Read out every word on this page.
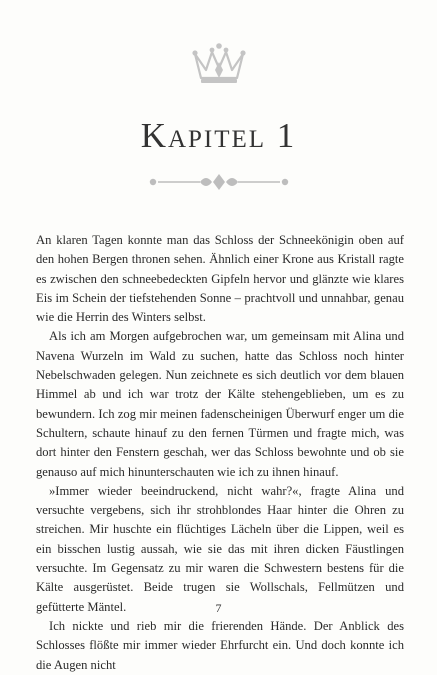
Kapitel 1

An klaren Tagen konnte man das Schloss der Schneekönigin oben auf den hohen Bergen thronen sehen. Ähnlich einer Krone aus Kristall ragte es zwischen den schneebedeckten Gipfeln hervor und glänzte wie klares Eis im Schein der tiefstehenden Sonne – prachtvoll und unnahbar, genau wie die Herrin des Winters selbst.

Als ich am Morgen aufgebrochen war, um gemeinsam mit Alina und Navena Wurzeln im Wald zu suchen, hatte das Schloss noch hinter Nebelschwaden gelegen. Nun zeichnete es sich deutlich vor dem blauen Himmel ab und ich war trotz der Kälte stehengeblieben, um es zu bewundern. Ich zog mir meinen fadenscheinigen Überwurf enger um die Schultern, schaute hinauf zu den fernen Türmen und fragte mich, was dort hinter den Fenstern geschah, wer das Schloss bewohnte und ob sie genauso auf mich hinunterschauten wie ich zu ihnen hinauf.

»Immer wieder beeindruckend, nicht wahr?«, fragte Alina und versuchte vergebens, sich ihr strohblondes Haar hinter die Ohren zu streichen. Mir huschte ein flüchtiges Lächeln über die Lippen, weil es ein bisschen lustig aussah, wie sie das mit ihren dicken Fäustlingen versuchte. Im Gegensatz zu mir waren die Schwestern bestens für die Kälte ausgerüstet. Beide trugen sie Wollschals, Fellmützen und gefütterte Mäntel.

Ich nickte und rieb mir die frierenden Hände. Der Anblick des Schlosses flößte mir immer wieder Ehrfurcht ein. Und doch konnte ich die Augen nicht

7
